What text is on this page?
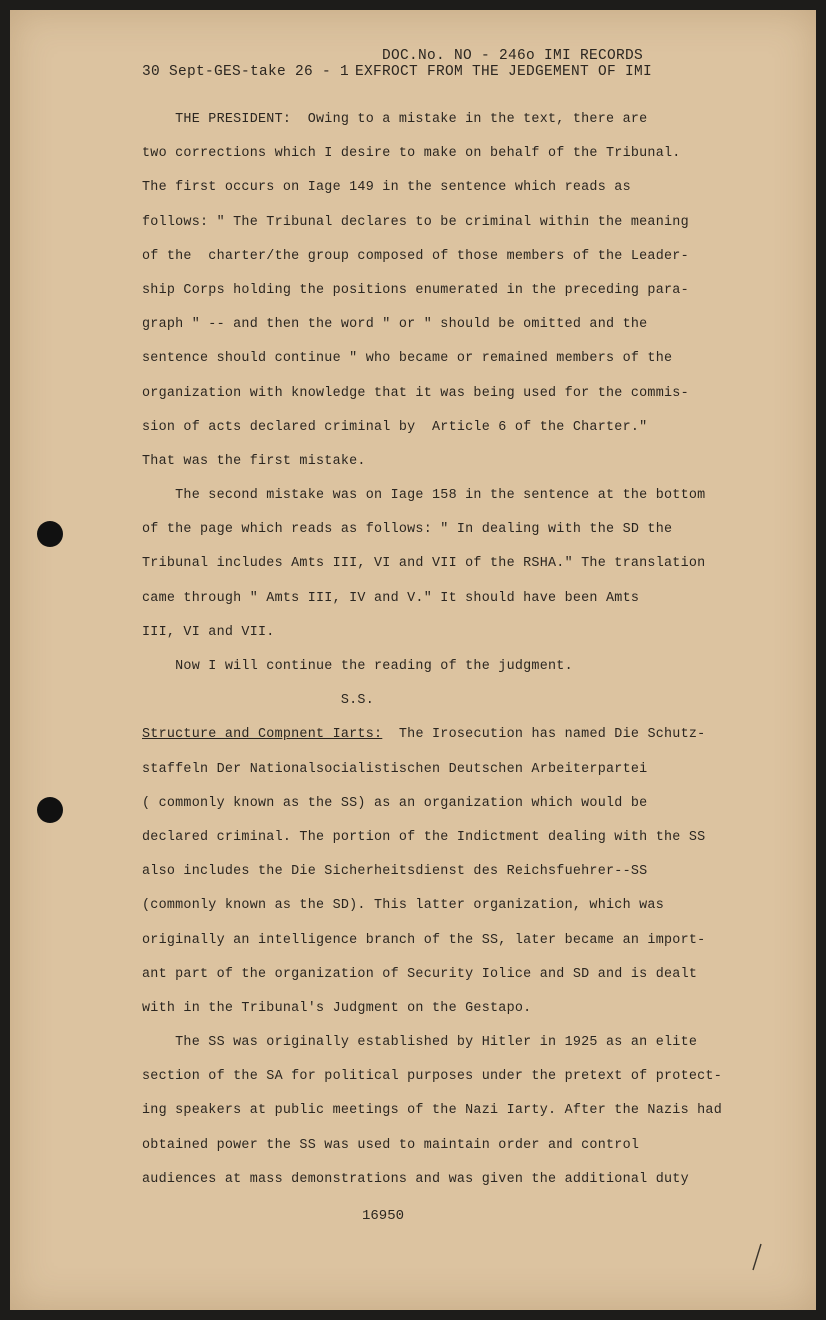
DOC.No. NO - 246o IMI RECORDS
30 Sept-GES-take 26 - 1 EXFROCT FROM THE JEDGEMENT OF IMI
THE PRESIDENT:  Owing to a mistake in the text, there are
two corrections which I desire to make on behalf of the Tribunal.
The first occurs on Iage 149 in the sentence which reads as
follows: " The Tribunal declares to be criminal within the meaning
of the  charter/the group composed of those members of the Leader-
ship Corps holding the positions enumerated in the preceding para-
graph " -- and then the word " or " should be omitted and the
sentence should continue " who became or remained members of the
organization with knowledge that it was being used for the commis-
sion of acts declared criminal by  Article 6 of the Charter."
That was the first mistake.
The second mistake was on Iage 158 in the sentence at the bottom
of the page which reads as follows: " In dealing with the SD the
Tribunal includes Amts III, VI and VII of the RSHA." The translation
came through " Amts III, IV and V." It should have been Amts
III, VI and VII.
Now I will continue the reading of the judgment.
S.S.
Structure and Compnent Iarts:  The Irosecution has named Die Schutz-
staffeln Der Nationalsocialistischen Deutschen Arbeiterpartei
( commonly known as the SS) as an organization which would be
declared criminal. The portion of the Indictment dealing with the SS
also includes the Die Sicherheitsdienst des Reichsfuehrer--SS
(commonly known as the SD). This latter organization, which was
originally an intelligence branch of the SS, later became an import-
ant part of the organization of Security Iolice and SD and is dealt
with in the Tribunal's Judgment on the Gestapo.
The SS was originally established by Hitler in 1925 as an elite
section of the SA for political purposes under the pretext of protect-
ing speakers at public meetings of the Nazi Iarty. After the Nazis had
obtained power the SS was used to maintain order and control
audiences at mass demonstrations and was given the additional duty
16950
